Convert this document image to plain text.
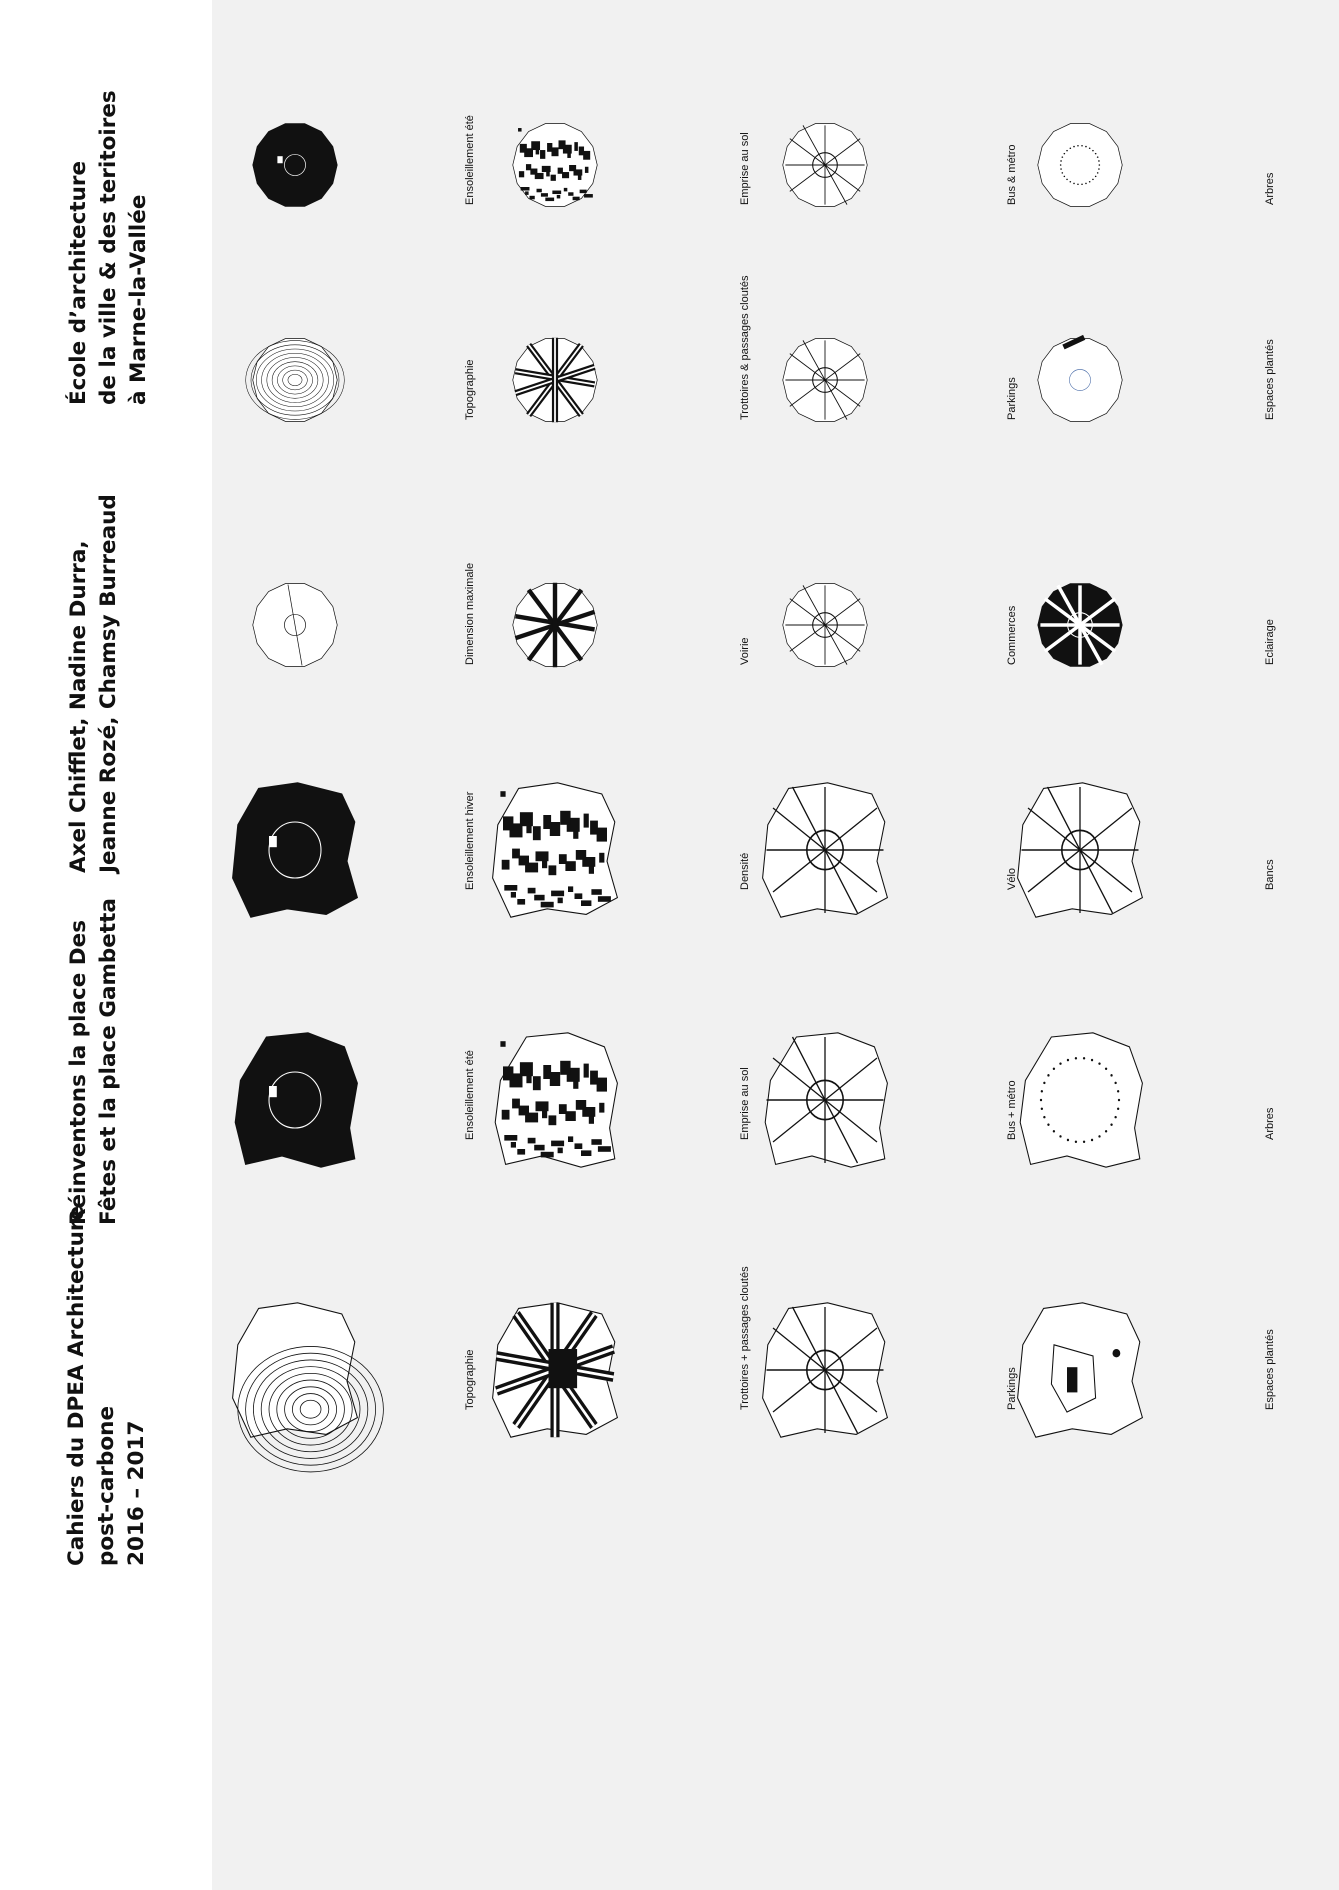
Cahiers du DPEA Architecture post-carbone 2016 – 2017
Réinventons la place Des Fêtes et la place Gambetta
Axel Chifflet, Nadine Durra, Jeanne Rozé, Chamsy Burreaud
École d’architecture de la ville & des teritoires à Marne-la-Vallée
Topographie
Ensoleillement été
Ensoleillement hiver
Dimension maximale
Topographie
Ensoleillement été
Trottoires + passages cloutés
Emprise au sol
Densité
Voirie
Trottoires & passages cloutés
Emprise au sol
Parkings
Bus + métro
Vélo
Commerces
Parkings
Bus & métro
Espaces plantés
Arbres
Bancs
Eclairage
Espaces plantés
Arbres
